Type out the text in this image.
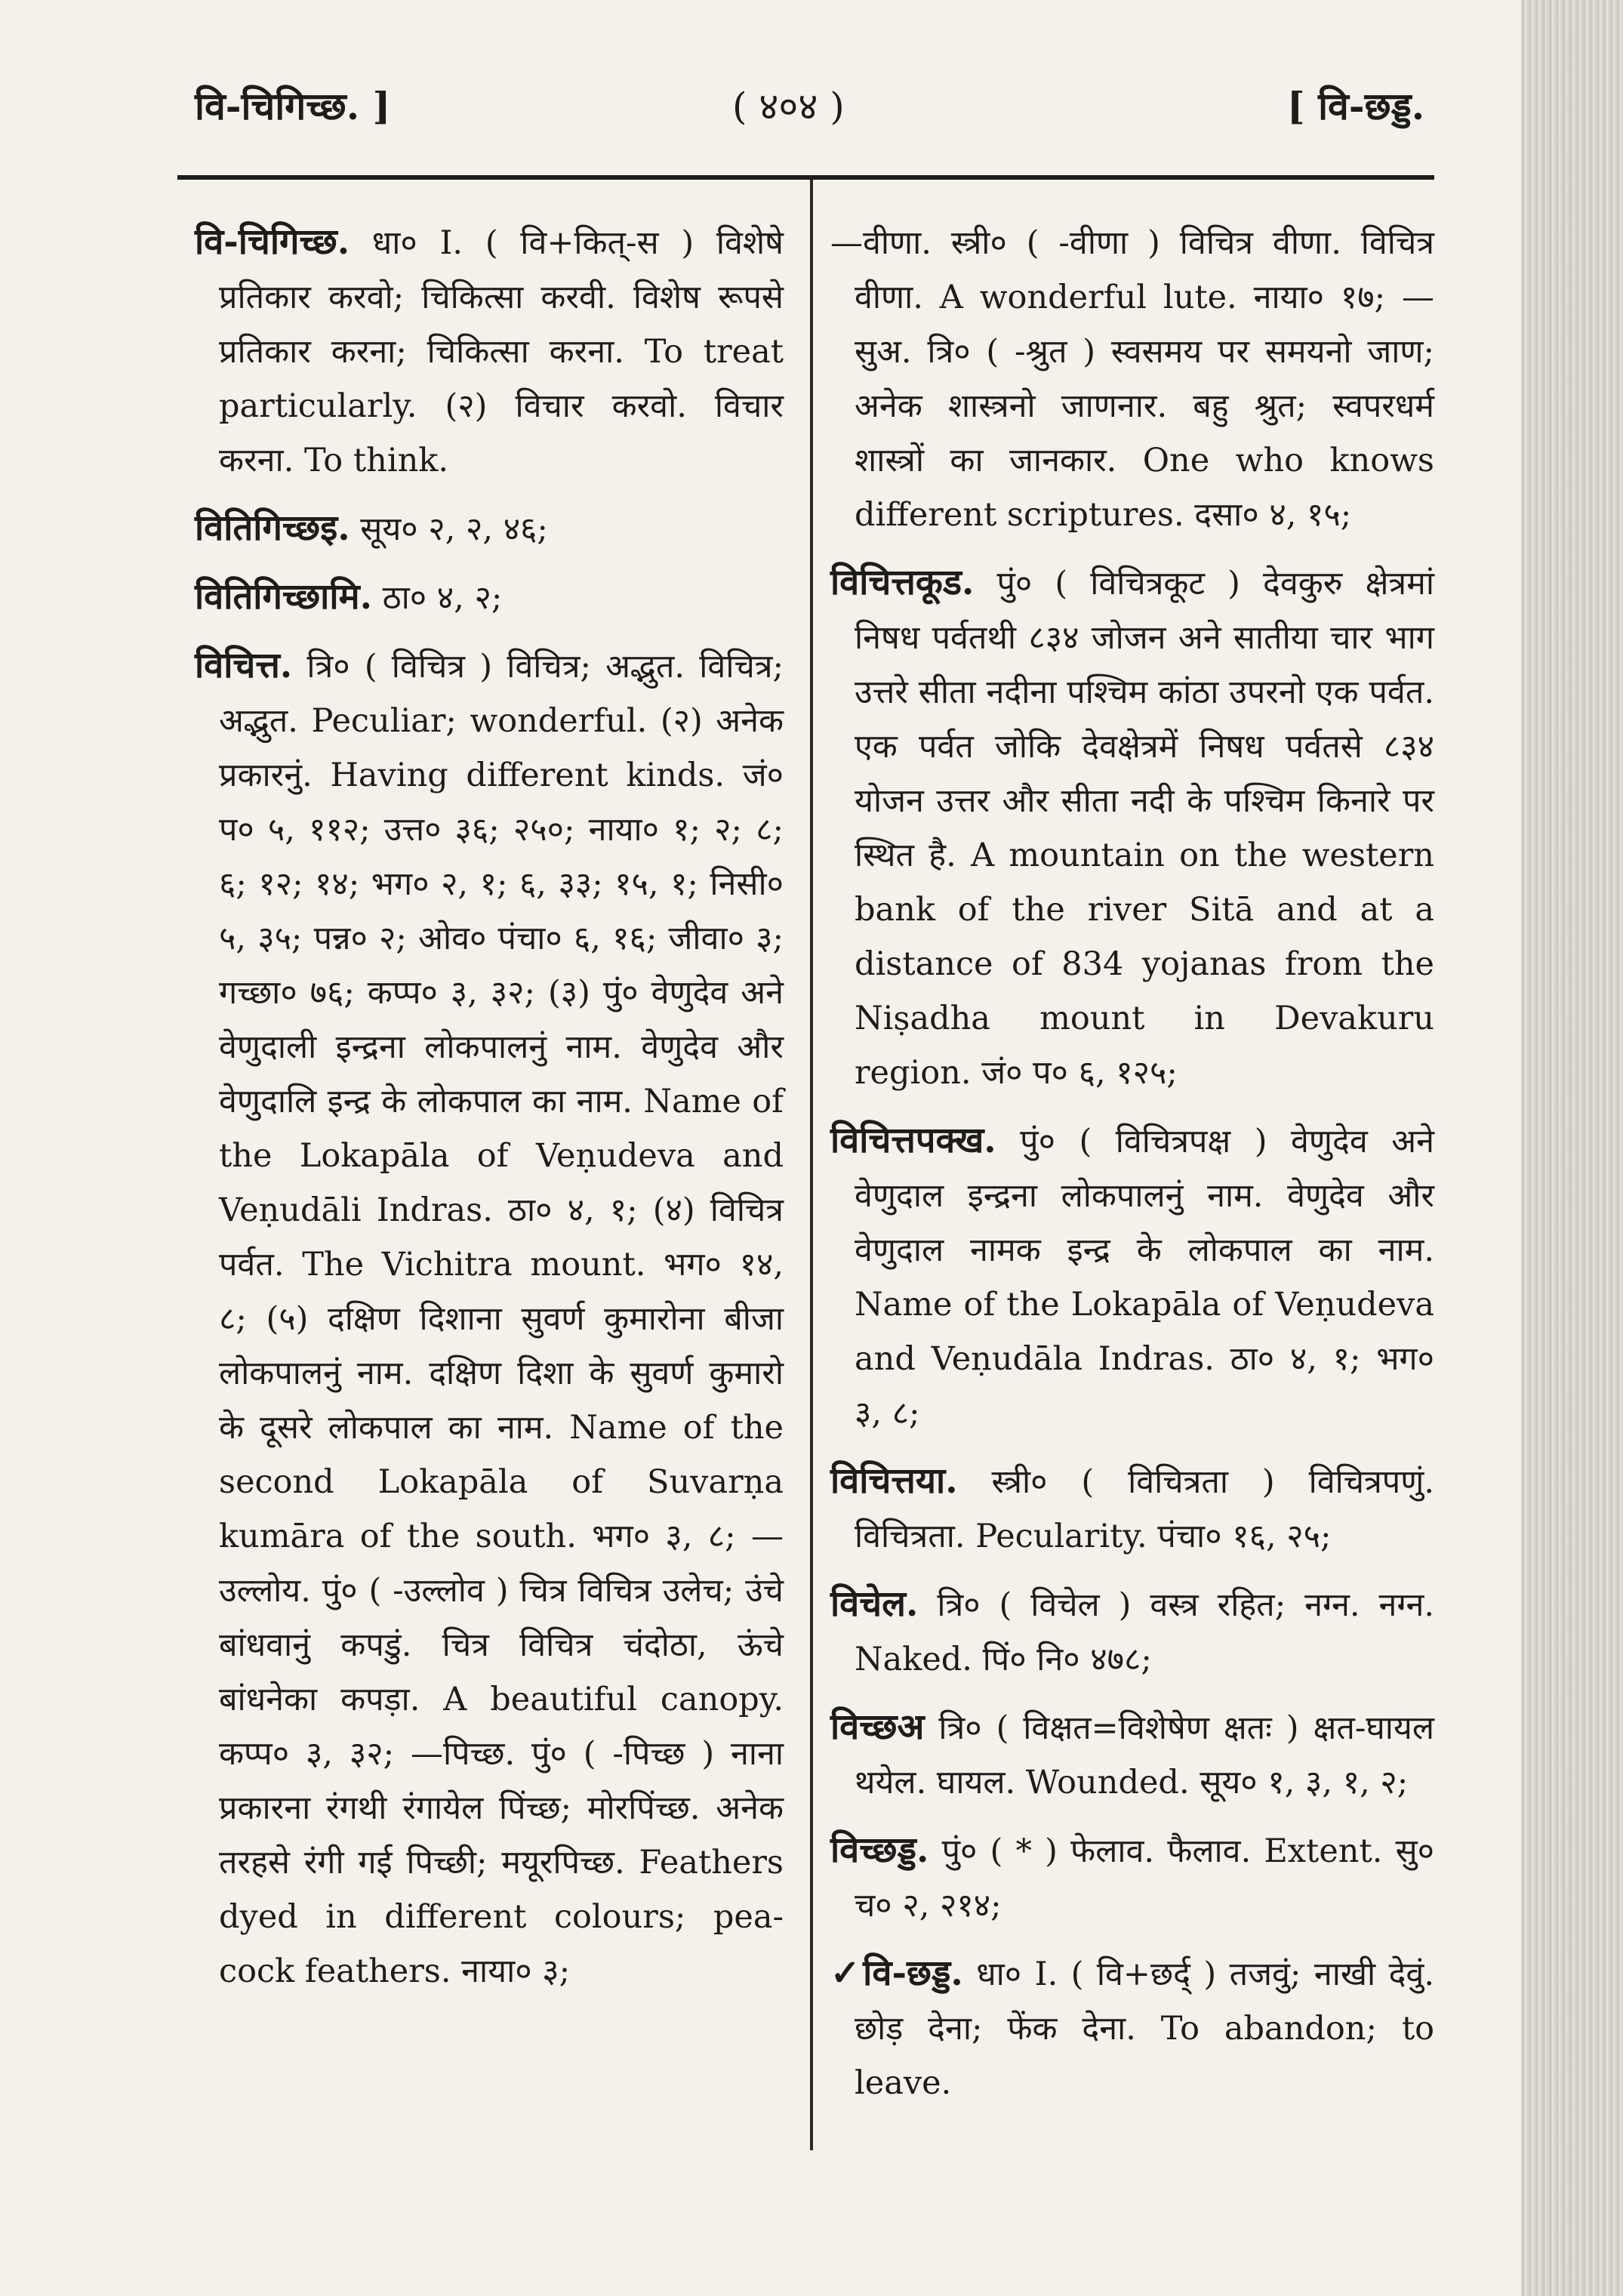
वि-चिगिच्छ. ]	( ४०४ )	[ वि-छड्ड.

वि-चिगिच्छ. धा० I. ( वि+कित्-स ) विशेषे प्रतिकार करवो; चिकित्सा करवी. विशेष रूपसे प्रतिकार करना; चिकित्सा करना. To treat particularly. (२) विचार करवो. विचार करना. To think.

वितिगिच्छइ. सूय० २, २, ४६;

वितिगिच्छामि. ठा० ४, २;

विचित्त. त्रि० ( विचित्र ) विचित्र; अद्भुत. विचित्र; अद्भुत. Peculiar; wonderful. (२) अनेक प्रकारनुं. Having different kinds. जं० प० ५, ११२; उत्त० ३६; २५०; नाया० १; २; ८; ६; १२; १४; भग० २, १; ६, ३३; १५, १; निसी० ५, ३५; पन्न० २; ओव० पंचा० ६, १६; जीवा० ३; गच्छा० ७६; कप्प० ३, ३२; (३) पुं० वेणुदेव अने वेणुदाली इन्द्रना लोकपालनुं नाम. वेणुदेव और वेणुदालि इन्द्र के लोकपाल का नाम. Name of the Lokapāla of Veṇudeva and Veṇudāli Indras. ठा० ४, १; (४) विचित्र पर्वत. The Vichitra mount. भग० १४, ८; (५) दक्षिण दिशाना सुवर्ण कुमारोना बीजा लोकपालनुं नाम. दक्षिण दिशा के सुवर्ण कुमारो के दूसरे लोकपाल का नाम. Name of the second Lokapāla of Suvarṇa kumāra of the south. भग० ३, ८; —उल्लोय. पुं० ( -उल्लोव ) चित्र विचित्र उलेच; उंचे बांधवानुं कपडुं. चित्र विचित्र चंदोठा, ऊंचे बांधनेका कपड़ा. A beautiful canopy. कप्प० ३, ३२; —पिच्छ. पुं० ( -पिच्छ ) नाना प्रकारना रंगथी रंगायेल पिंच्छ; मोरपिंच्छ. अनेक तरहसे रंगी गई पिच्छी; मयूरपिच्छ. Feathers dyed in different colours; pea-cock feathers. नाया० ३;

—वीणा. स्त्री० ( -वीणा ) विचित्र वीणा. विचित्र वीणा. A wonderful lute. नाया० १७; —सुअ. त्रि० ( -श्रुत ) स्वसमय पर समयनो जाण; अनेक शास्त्रनो जाणनार. बहु श्रुत; स्वपरधर्म शास्त्रों का जानकार. One who knows different scriptures. दसा० ४, १५;

विचित्तकूड. पुं० ( विचित्रकूट ) देवकुरु क्षेत्रमां निषध पर्वतथी ८३४ जोजन अने सातीया चार भाग उत्तरे सीता नदीना पश्चिम कांठा उपरनो एक पर्वत. एक पर्वत जोकि देवक्षेत्रमें निषध पर्वतसे ८३४ योजन उत्तर और सीता नदी के पश्चिम किनारे पर स्थित है. A mountain on the western bank of the river Sitā and at a distance of 834 yojanas from the Niṣadha mount in Devakuru region. जं० प० ६, १२५;

विचित्तपक्ख. पुं० ( विचित्रपक्ष ) वेणुदेव अने वेणुदाल इन्द्रना लोकपालनुं नाम. वेणुदेव और वेणुदाल नामक इन्द्र के लोकपाल का नाम. Name of the Lokapāla of Veṇudeva and Veṇudāla Indras. ठा० ४, १; भग० ३, ८;

विचित्तया. स्त्री० ( विचित्रता ) विचित्रपणुं. विचित्रता. Pecularity. पंचा० १६, २५;

विचेल. त्रि० ( विचेल ) वस्त्र रहित; नग्न. नग्न. Naked. पिं० नि० ४७८;

विच्छअ त्रि० ( विक्षत=विशेषेण क्षतः ) क्षत-घायल थयेल. घायल. Wounded. सूय० १, ३, १, २;

विच्छड्ड. पुं० ( * ) फेलाव. फैलाव. Extent. सु० च० २, २१४;

✓वि-छड्ड. धा० I. ( वि+छर्द् ) तजवुं; नाखी देवुं. छोड़ देना; फेंक देना. To abandon; to leave.
